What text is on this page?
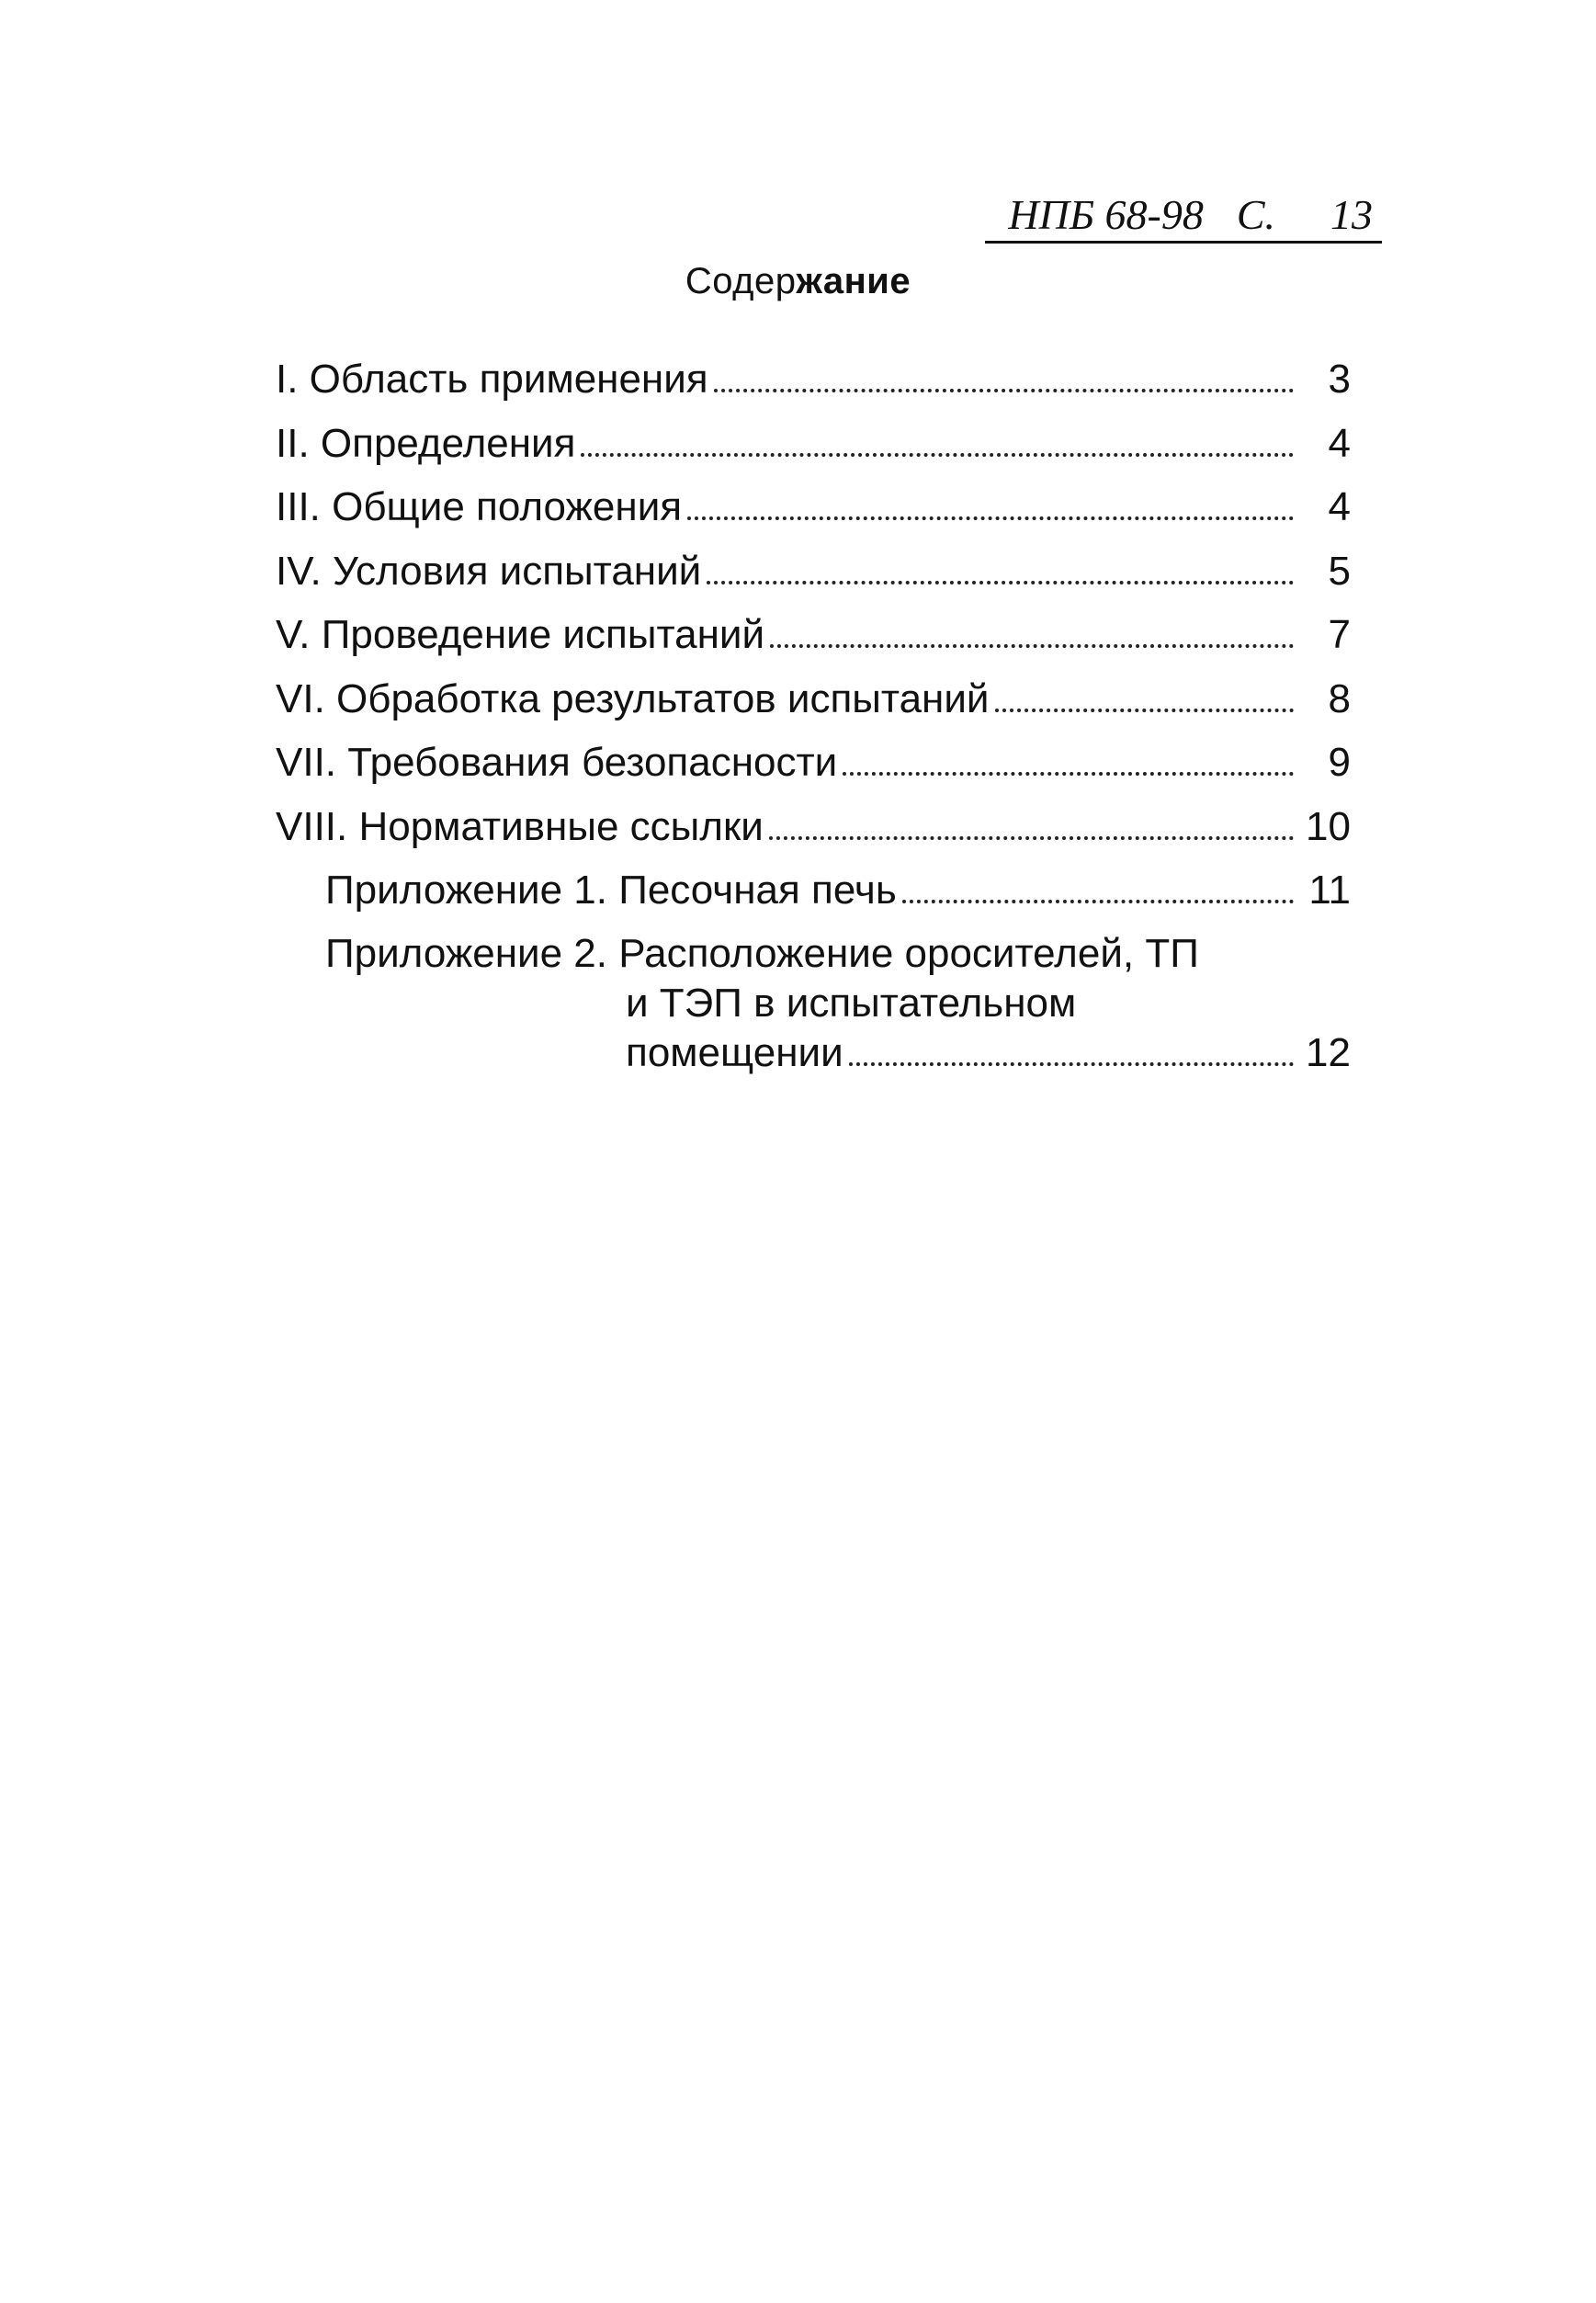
НПБ 68-98 С. 13
Содержание
I. Область применения	3
II. Определения	4
III. Общие положения	4
IV. Условия испытаний	5
V. Проведение испытаний	7
VI. Обработка результатов испытаний	8
VII. Требования безопасности	9
VIII. Нормативные ссылки	10
Приложение 1. Песочная печь	11
Приложение 2. Расположение оросителей, ТП
и ТЭП в испытательном
помещении	12
